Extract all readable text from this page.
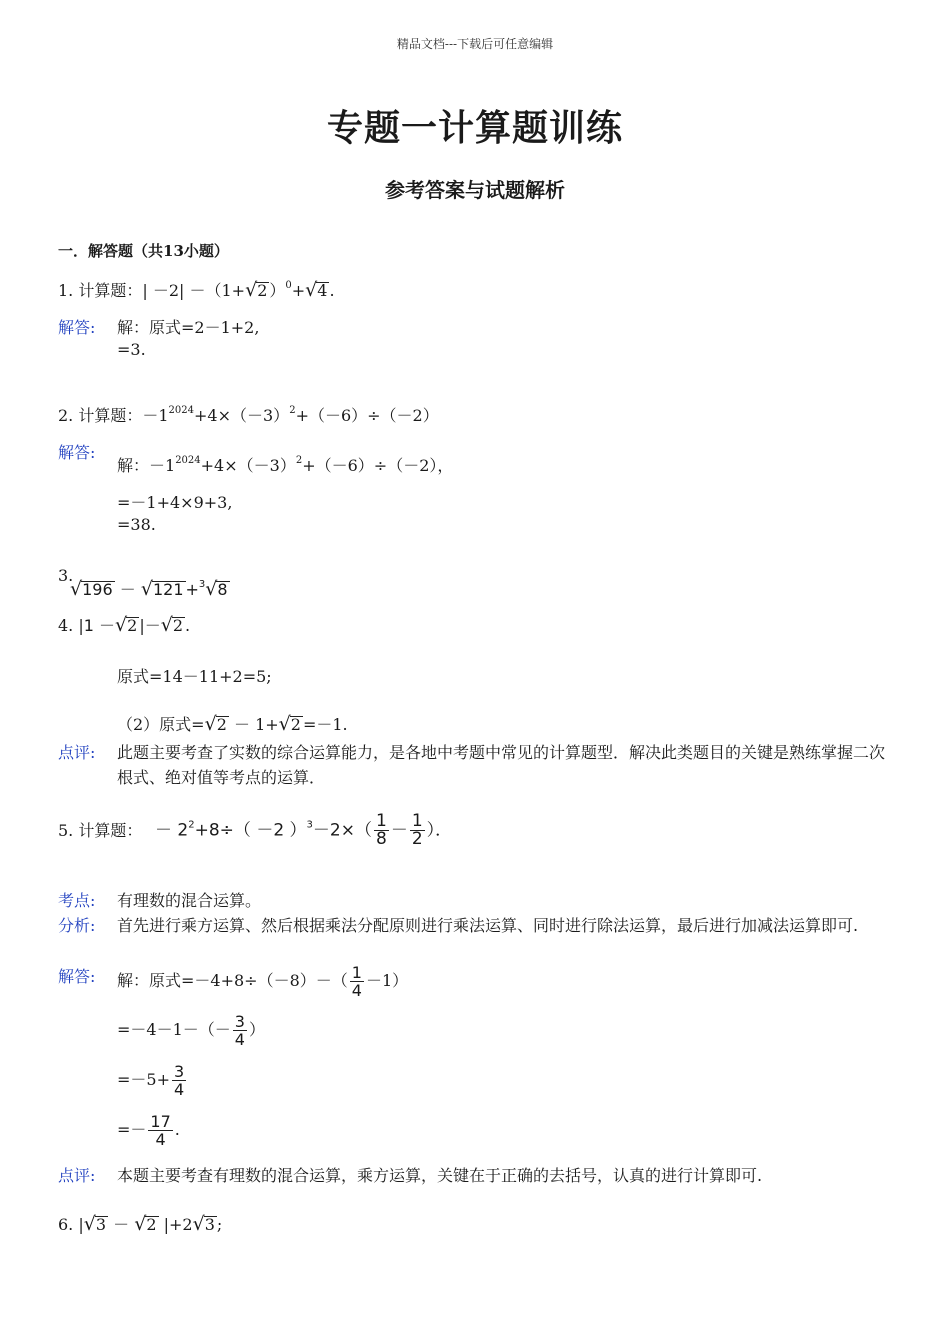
精品文档---下载后可任意编辑
专题一计算题训练
参考答案与试题解析
一．解答题（共13小题）
1. 计算题：| －2| －（1+√2 ）$^0$+√4 .
解答: 解：原式=2－1+2,
=3.
2. 计算题：$-1^{2024}+4\times(-3)^2+(-6)\div(-2)$
解答:
解：$-1^{2024}+4\times(-3)^2+(-6)\div(-2)$，
=－1+4×9+3,
=38.
3.
√196 － √121 +$^3$√8
4. |1 －√2 |－√2 .
原式=14－11+2=5;
（2）原式=√2 － 1+√2 =－1.
点评: 此题主要考查了实数的综合运算能力，是各地中考题中常见的计算题型．解决此类题目的关键是熟练掌握二次根式、绝对值等考点的运算．
5. 计算题： － $2^2+8\div( -2$ ）$^3-2\times( \frac{1}{8} - \frac{1}{2}$ ）．
考点: 有理数的混合运算。
分析: 首先进行乘方运算、然后根据乘法分配原则进行乘法运算、同时进行除法运算，最后进行加减法运算即可.
解答: 解：原式$=-4+8\div(-8)-( \frac{1}{4} -1)$
$=-4-1-(- \frac{3}{4}$ ）
$=-5+ \frac{3}{4}$
=－ $\frac{17}{4}$ .
点评: 本题主要考查有理数的混合运算，乘方运算，关键在于正确的去括号，认真的进行计算即可.
6. |√3 － √2 |+2√3 ;
